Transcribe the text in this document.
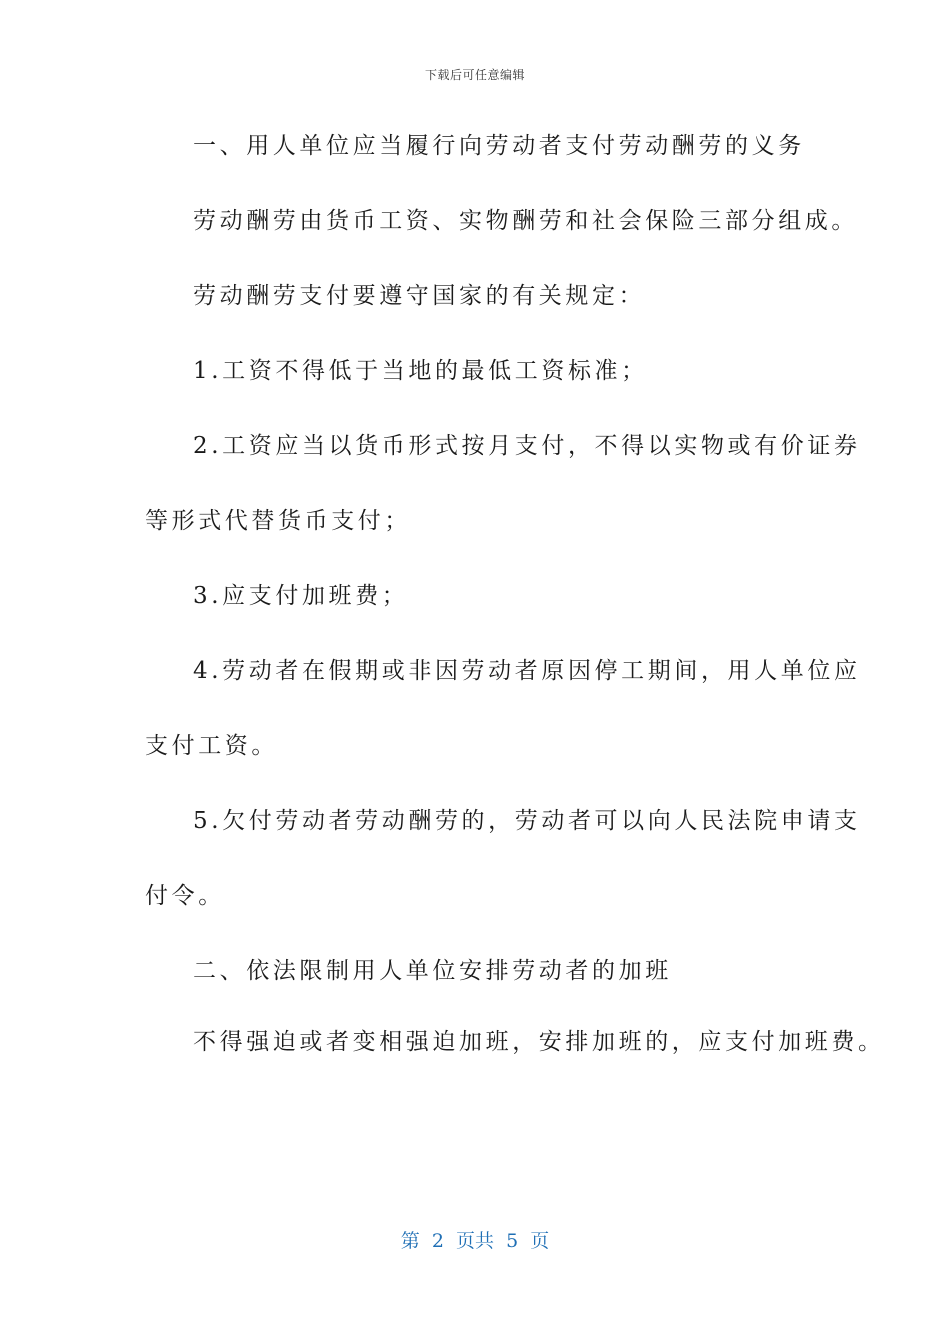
下载后可任意编辑
一、用人单位应当履行向劳动者支付劳动酬劳的义务
劳动酬劳由货币工资、实物酬劳和社会保险三部分组成。
劳动酬劳支付要遵守国家的有关规定：
1.工资不得低于当地的最低工资标准；
2.工资应当以货币形式按月支付，不得以实物或有价证券
等形式代替货币支付；
3.应支付加班费；
4.劳动者在假期或非因劳动者原因停工期间，用人单位应
支付工资。
5.欠付劳动者劳动酬劳的，劳动者可以向人民法院申请支
付令。
二、依法限制用人单位安排劳动者的加班
不得强迫或者变相强迫加班，安排加班的，应支付加班费。
第  2  页共  5  页
